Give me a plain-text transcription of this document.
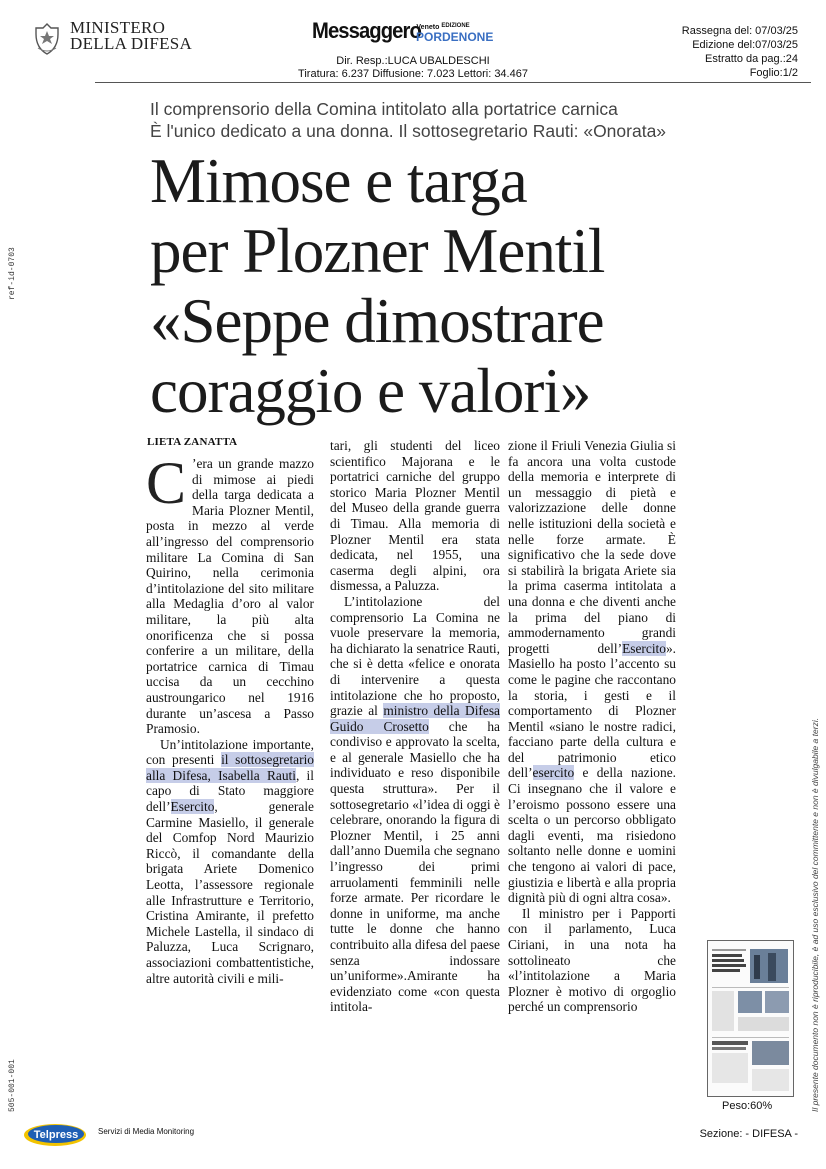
MINISTERO
DELLA DIFESA
MessaggeroVeneto EDIZIONE
PORDENONE
Dir. Resp.:LUCA UBALDESCHI
Tiratura: 6.237 Diffusione: 7.023 Lettori: 34.467
Rassegna del: 07/03/25
Edizione del:07/03/25
Estratto da pag.:24
Foglio:1/2
ref-id-0703
505-001-001	Il presente documento non è riproducibile, è ad uso esclusivo del committente e non è divulgabile a terzi.
Il comprensorio della Comina intitolato alla portatrice carnica
È l'unico dedicato a una donna. Il sottosegretario Rauti: «Onorata»
Mimose e targa
per Plozner Mentil
«Seppe dimostrare
coraggio e valori»
LIETA ZANATTA

C ’era un grande mazzo di mimose ai piedi della targa dedicata a Maria Plozner Mentil, posta in mezzo al verde all’ingresso del comprensorio militare La Comina di San Quirino, nella cerimonia d’intitolazione del sito militare alla Medaglia d’oro al valor militare, la più alta onorificenza che si possa conferire a un militare, della portatrice carnica di Timau uccisa da un cecchino austroungarico nel 1916 durante un’ascesa a Passo Pramosio.

Un’intitolazione importante, con presenti il sottosegretario alla Difesa, Isabella Rauti, il capo di Stato maggiore dell’Esercito, generale Carmine Masiello, il generale del Comfop Nord Maurizio Riccò, il comandante della brigata Ariete Domenico Leotta, l’assessore regionale alle Infrastrutture e Territorio, Cristina Amirante, il prefetto Michele Lastella, il sindaco di Paluzza, Luca Scrignaro, associazioni combattentistiche, altre autorità civili e mili-

tari, gli studenti del liceo scientifico Majorana e le portatrici carniche del gruppo storico Maria Plozner Mentil del Museo della grande guerra di Timau. Alla memoria di Plozner Mentil era stata dedicata, nel 1955, una caserma degli alpini, ora dismessa, a Paluzza.

L’intitolazione del comprensorio La Comina ne vuole preservare la memoria, ha dichiarato la senatrice Rauti, che si è detta «felice e onorata di intervenire a questa intitolazione che ho proposto, grazie al ministro della Difesa Guido Crosetto che ha condiviso e approvato la scelta, e al generale Masiello che ha individuato e reso disponibile questa struttura». Per il sottosegretario «l’idea di oggi è celebrare, onorando la figura di Plozner Mentil, i 25 anni dall’anno Duemila che segnano l’ingresso dei primi arruolamenti femminili nelle forze armate. Per ricordare le donne in uniforme, ma anche tutte le donne che hanno contribuito alla difesa del paese senza indossare un’uniforme».Amirante ha evidenziato come «con questa intitola-

zione il Friuli Venezia Giulia si fa ancora una volta custode della memoria e interprete di un messaggio di pietà e valorizzazione delle donne nelle istituzioni della società e nelle forze armate. È significativo che la sede dove si stabilirà la brigata Ariete sia la prima caserma intitolata a una donna e che diventi anche la prima del piano di ammodernamento grandi progetti dell’Esercito». Masiello ha posto l’accento su come le pagine che raccontano la storia, i gesti e il comportamento di Plozner Mentil «siano le nostre radici, facciano parte della cultura e del patrimonio etico dell’esercito e della nazione. Ci insegnano che il valore e l’eroismo possono essere una scelta o un percorso obbligato dagli eventi, ma risiedono soltanto nelle donne e uomini che tengono ai valori di pace, giustizia e libertà e alla propria dignità più di ogni altra cosa».

Il ministro per i Papporti con il parlamento, Luca Ciriani, in una nota ha sottolineato che «l’intitolazione a Maria Plozner è motivo di orgoglio perché un comprensorio

Peso:60%
Telpress Servizi di Media Monitoring	Sezione: - DIFESA -
